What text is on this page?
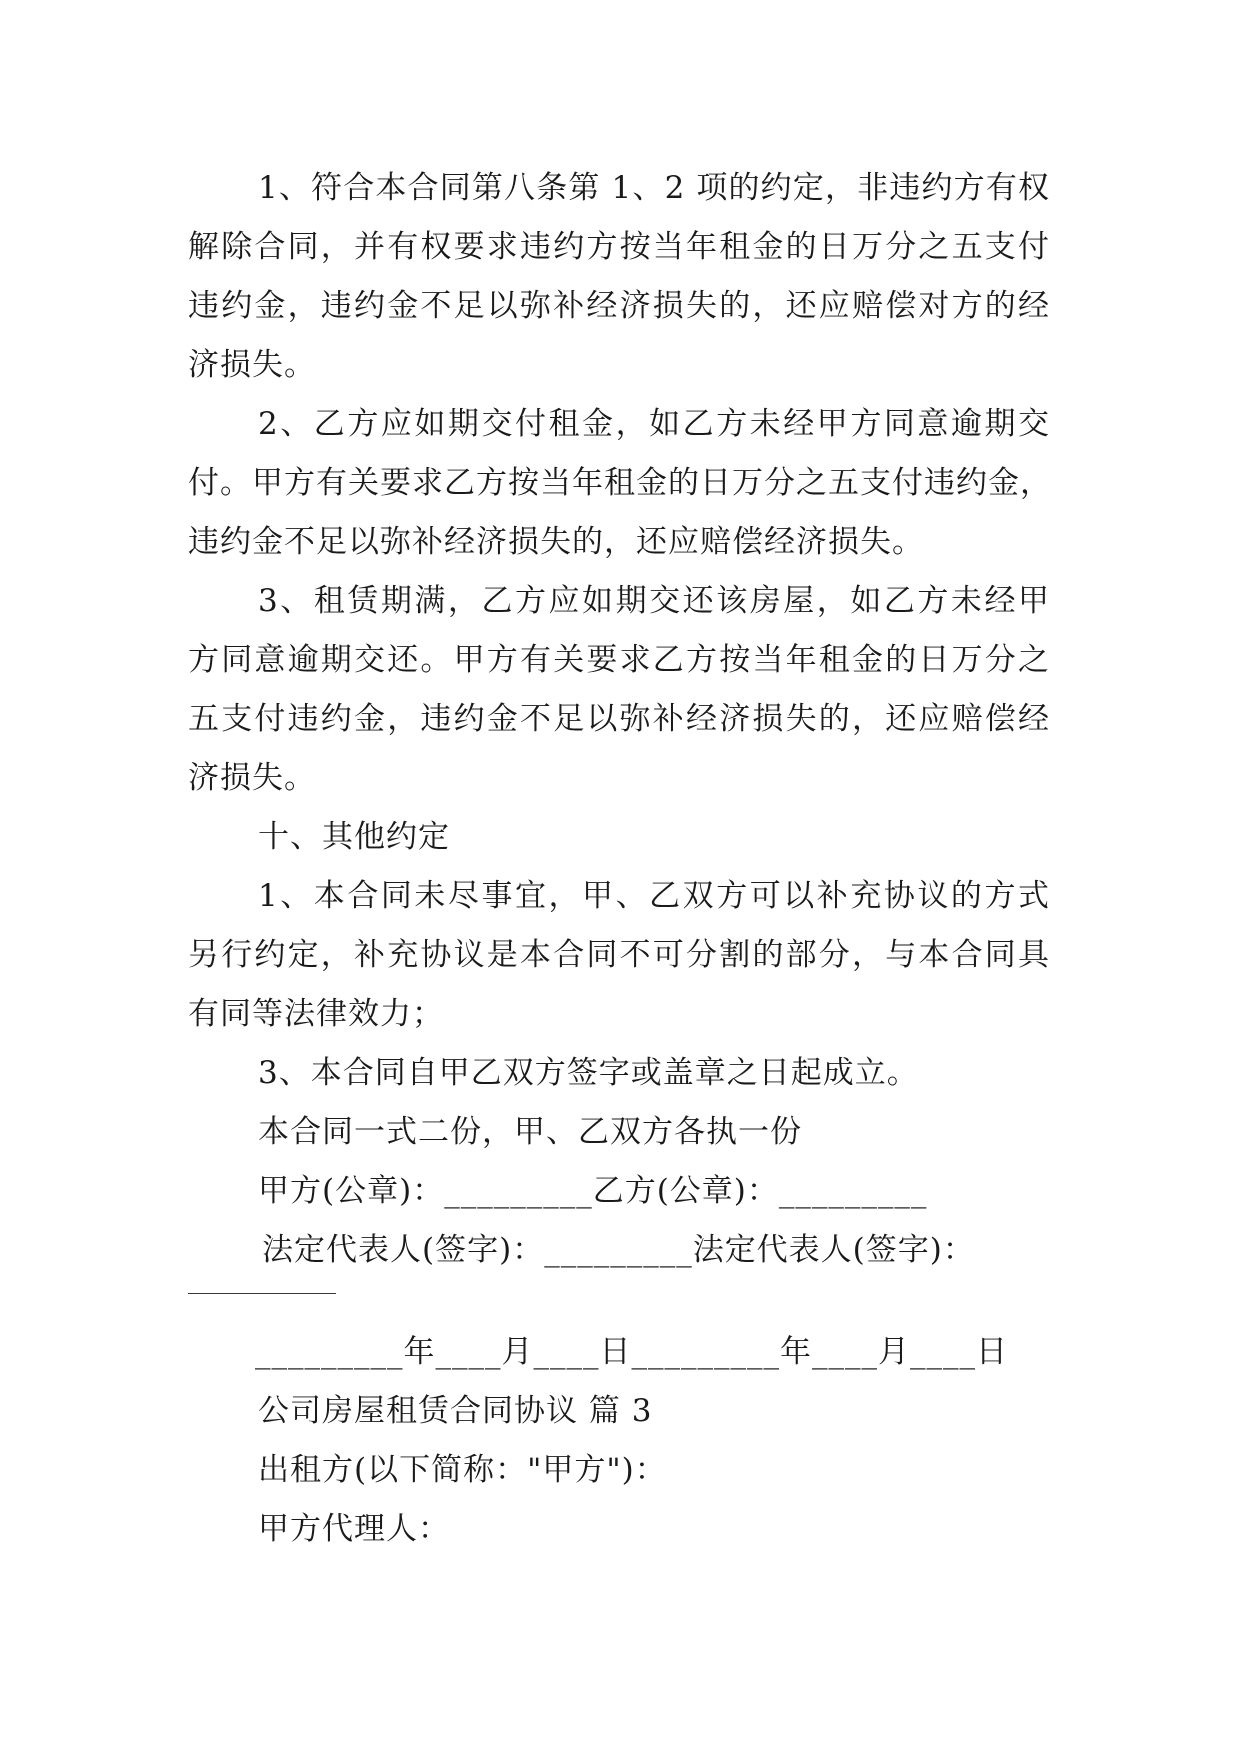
1、符合本合同第八条第 1、2 项的约定，非违约方有权
解除合同，并有权要求违约方按当年租金的日万分之五支付
违约金，违约金不足以弥补经济损失的，还应赔偿对方的经
济损失。
2、乙方应如期交付租金，如乙方未经甲方同意逾期交
付。甲方有关要求乙方按当年租金的日万分之五支付违约金，
违约金不足以弥补经济损失的，还应赔偿经济损失。
3、租赁期满，乙方应如期交还该房屋，如乙方未经甲
方同意逾期交还。甲方有关要求乙方按当年租金的日万分之
五支付违约金，违约金不足以弥补经济损失的，还应赔偿经
济损失。
十、其他约定
1、本合同未尽事宜，甲、乙双方可以补充协议的方式
另行约定，补充协议是本合同不可分割的部分，与本合同具
有同等法律效力；
3、本合同自甲乙双方签字或盖章之日起成立。
本合同一式二份，甲、乙双方各执一份
甲方(公章)：_________乙方(公章)：_________
法定代表人(签字)：_________法定代表人(签字)：
_________年____月____日_________年____月____日
公司房屋租赁合同协议 篇 3
出租方(以下简称："甲方")：
甲方代理人：
